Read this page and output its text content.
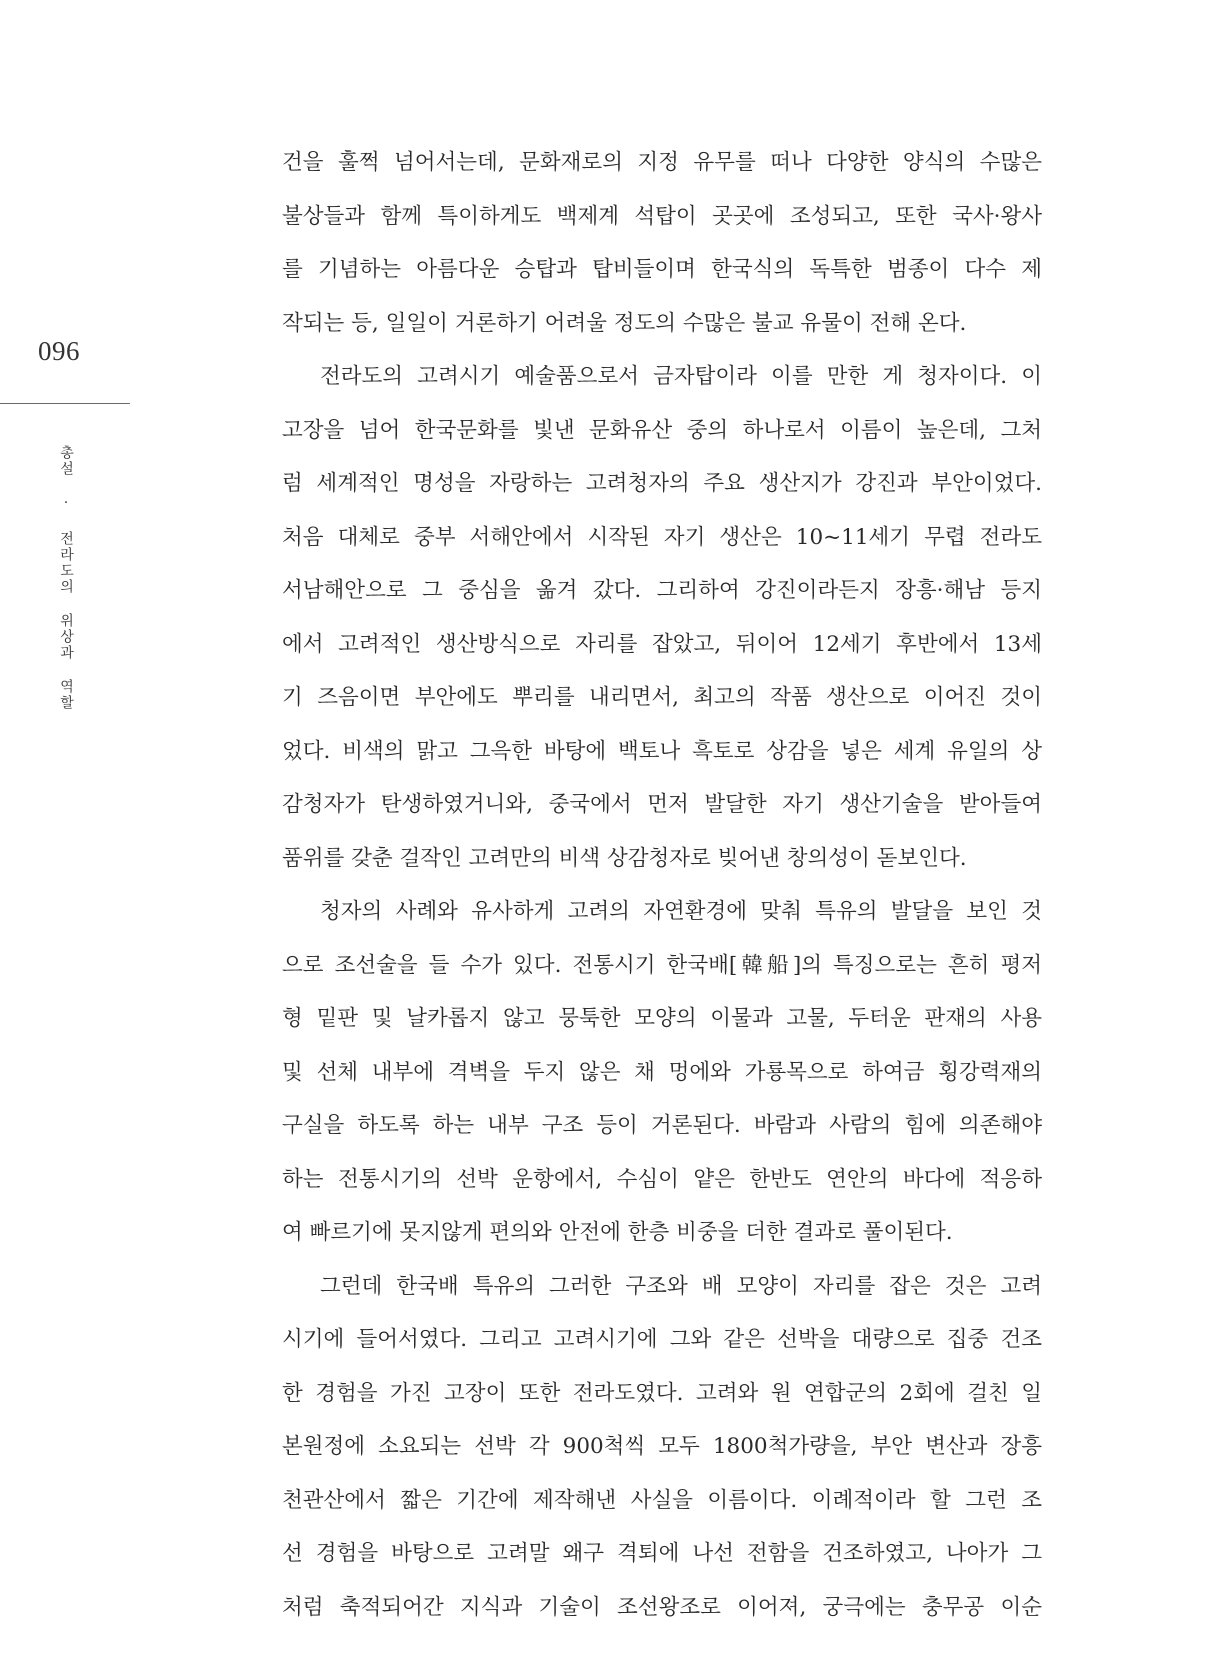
096
총설 · 전라도의 위상과 역할
건을 훌쩍 넘어서는데, 문화재로의 지정 유무를 떠나 다양한 양식의 수많은
불상들과 함께 특이하게도 백제계 석탑이 곳곳에 조성되고, 또한 국사·왕사
를 기념하는 아름다운 승탑과 탑비들이며 한국식의 독특한 범종이 다수 제
작되는 등, 일일이 거론하기 어려울 정도의 수많은 불교 유물이 전해 온다.
전라도의 고려시기 예술품으로서 금자탑이라 이를 만한 게 청자이다. 이
고장을 넘어 한국문화를 빛낸 문화유산 중의 하나로서 이름이 높은데, 그처
럼 세계적인 명성을 자랑하는 고려청자의 주요 생산지가 강진과 부안이었다.
처음 대체로 중부 서해안에서 시작된 자기 생산은 10~11세기 무렵 전라도
서남해안으로 그 중심을 옮겨 갔다. 그리하여 강진이라든지 장흥·해남 등지
에서 고려적인 생산방식으로 자리를 잡았고, 뒤이어 12세기 후반에서 13세
기 즈음이면 부안에도 뿌리를 내리면서, 최고의 작품 생산으로 이어진 것이
었다. 비색의 맑고 그윽한 바탕에 백토나 흑토로 상감을 넣은 세계 유일의 상
감청자가 탄생하였거니와, 중국에서 먼저 발달한 자기 생산기술을 받아들여
품위를 갖춘 걸작인 고려만의 비색 상감청자로 빚어낸 창의성이 돋보인다.
청자의 사례와 유사하게 고려의 자연환경에 맞춰 특유의 발달을 보인 것
으로 조선술을 들 수가 있다. 전통시기 한국배[韓船]의 특징으로는 흔히 평저
형 밑판 및 날카롭지 않고 뭉툭한 모양의 이물과 고물, 두터운 판재의 사용
및 선체 내부에 격벽을 두지 않은 채 멍에와 가룡목으로 하여금 횡강력재의
구실을 하도록 하는 내부 구조 등이 거론된다. 바람과 사람의 힘에 의존해야
하는 전통시기의 선박 운항에서, 수심이 얕은 한반도 연안의 바다에 적응하
여 빠르기에 못지않게 편의와 안전에 한층 비중을 더한 결과로 풀이된다.
그런데 한국배 특유의 그러한 구조와 배 모양이 자리를 잡은 것은 고려
시기에 들어서였다. 그리고 고려시기에 그와 같은 선박을 대량으로 집중 건조
한 경험을 가진 고장이 또한 전라도였다. 고려와 원 연합군의 2회에 걸친 일
본원정에 소요되는 선박 각 900척씩 모두 1800척가량을, 부안 변산과 장흥
천관산에서 짧은 기간에 제작해낸 사실을 이름이다. 이례적이라 할 그런 조
선 경험을 바탕으로 고려말 왜구 격퇴에 나선 전함을 건조하였고, 나아가 그
처럼 축적되어간 지식과 기술이 조선왕조로 이어져, 궁극에는 충무공 이순
